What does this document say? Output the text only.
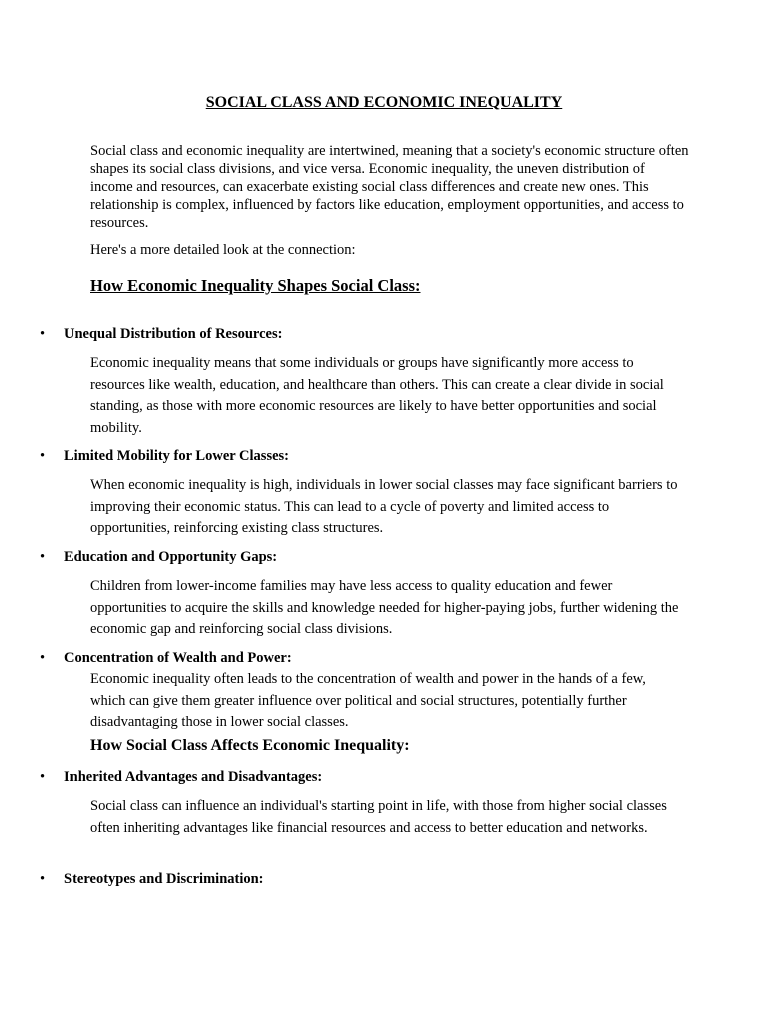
SOCIAL CLASS AND ECONOMIC INEQUALITY

Social class and economic inequality are intertwined, meaning that a society's economic structure often shapes its social class divisions, and vice versa. Economic inequality, the uneven distribution of income and resources, can exacerbate existing social class differences and create new ones. This relationship is complex, influenced by factors like education, employment opportunities, and access to resources.

Here's a more detailed look at the connection:

How Economic Inequality Shapes Social Class:

• Unequal Distribution of Resources:

Economic inequality means that some individuals or groups have significantly more access to resources like wealth, education, and healthcare than others. This can create a clear divide in social standing, as those with more economic resources are likely to have better opportunities and social mobility.

• Limited Mobility for Lower Classes:

When economic inequality is high, individuals in lower social classes may face significant barriers to improving their economic status. This can lead to a cycle of poverty and limited access to opportunities, reinforcing existing class structures.

• Education and Opportunity Gaps:

Children from lower-income families may have less access to quality education and fewer opportunities to acquire the skills and knowledge needed for higher-paying jobs, further widening the economic gap and reinforcing social class divisions.

• Concentration of Wealth and Power:

Economic inequality often leads to the concentration of wealth and power in the hands of a few, which can give them greater influence over political and social structures, potentially further disadvantaging those in lower social classes.

How Social Class Affects Economic Inequality:

• Inherited Advantages and Disadvantages:

Social class can influence an individual's starting point in life, with those from higher social classes often inheriting advantages like financial resources and access to better education and networks.

• Stereotypes and Discrimination:
